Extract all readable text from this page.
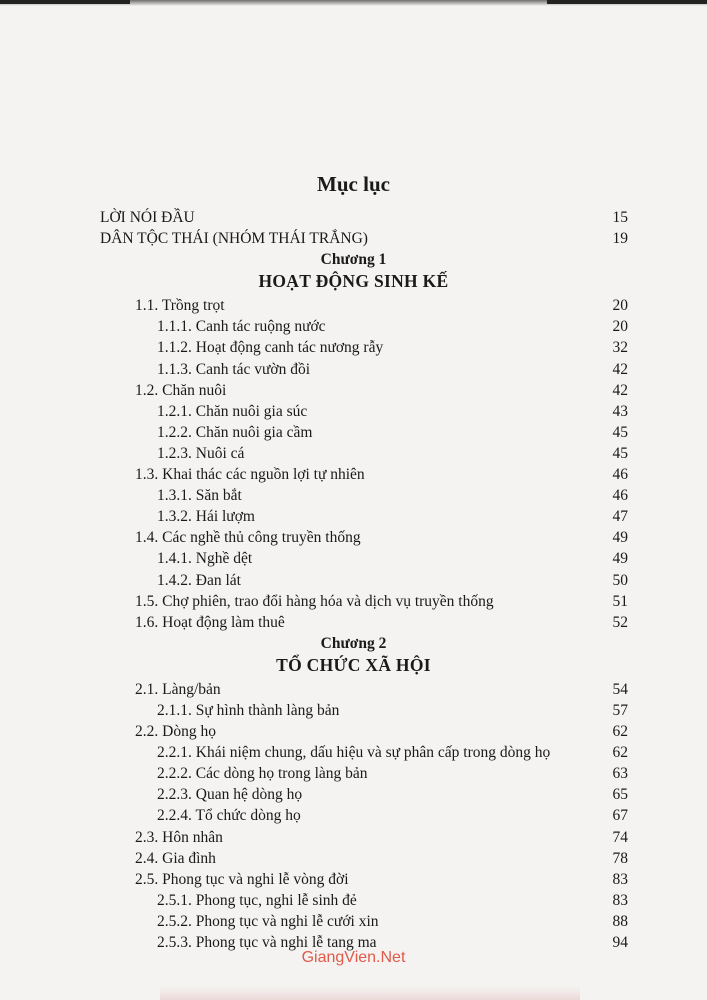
Mục lục
LỜI NÓI ĐẦU	15
DÂN TỘC THÁI (NHÓM THÁI TRẮNG)	19
Chương 1
HOẠT ĐỘNG SINH KẾ
1.1. Trồng trọt	20
1.1.1. Canh tác ruộng nước	20
1.1.2. Hoạt động canh tác nương rẫy	32
1.1.3. Canh tác vườn đồi	42
1.2. Chăn nuôi	42
1.2.1. Chăn nuôi gia súc	43
1.2.2. Chăn nuôi gia cầm	45
1.2.3. Nuôi cá	45
1.3. Khai thác các nguồn lợi tự nhiên	46
1.3.1. Săn bắt	46
1.3.2. Hái lượm	47
1.4. Các nghề thủ công truyền thống	49
1.4.1. Nghề dệt	49
1.4.2. Đan lát	50
1.5. Chợ phiên, trao đổi hàng hóa và dịch vụ truyền thống	51
1.6. Hoạt động làm thuê	52
Chương 2
TỔ CHỨC XÃ HỘI
2.1. Làng/bản	54
2.1.1. Sự hình thành làng bản	57
2.2. Dòng họ	62
2.2.1. Khái niệm chung, dấu hiệu và sự phân cấp trong dòng họ	62
2.2.2. Các dòng họ trong làng bản	63
2.2.3. Quan hệ dòng họ	65
2.2.4. Tổ chức dòng họ	67
2.3. Hôn nhân	74
2.4. Gia đình	78
2.5. Phong tục và nghi lễ vòng đời	83
2.5.1. Phong tục, nghi lễ sinh đẻ	83
2.5.2. Phong tục và nghi lễ cưới xin	88
2.5.3. Phong tục và nghi lễ tang ma	94
GiangVien.Net
